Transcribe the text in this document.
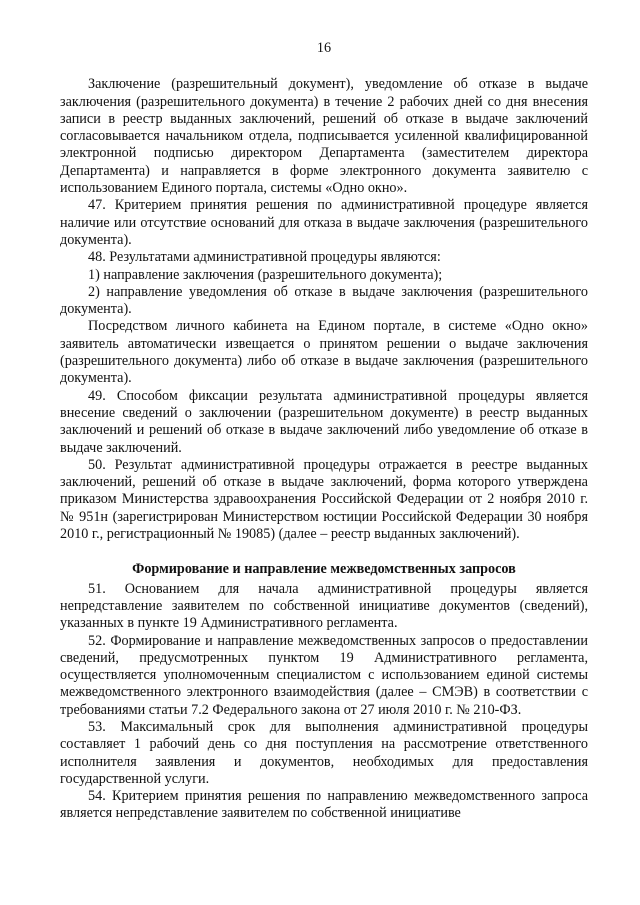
16

Заключение (разрешительный документ), уведомление об отказе в выдаче заключения (разрешительного документа) в течение 2 рабочих дней со дня внесения записи в реестр выданных заключений, решений об отказе в выдаче заключений согласовывается начальником отдела, подписывается усиленной квалифицированной электронной подписью директором Департамента (заместителем директора Департамента) и направляется в форме электронного документа заявителю с использованием Единого портала, системы «Одно окно».

47. Критерием принятия решения по административной процедуре является наличие или отсутствие оснований для отказа в выдаче заключения (разрешительного документа).

48. Результатами административной процедуры являются:

1) направление заключения (разрешительного документа);

2) направление уведомления об отказе в выдаче заключения (разрешительного документа).

Посредством личного кабинета на Едином портале, в системе «Одно окно» заявитель автоматически извещается о принятом решении о выдаче заключения (разрешительного документа) либо об отказе в выдаче заключения (разрешительного документа).

49. Способом фиксации результата административной процедуры является внесение сведений о заключении (разрешительном документе) в реестр выданных заключений и решений об отказе в выдаче заключений либо уведомление об отказе в выдаче заключений.

50. Результат административной процедуры отражается в реестре выданных заключений, решений об отказе в выдаче заключений, форма которого утверждена приказом Министерства здравоохранения Российской Федерации от 2 ноября 2010 г. № 951н (зарегистрирован Министерством юстиции Российской Федерации 30 ноября 2010 г., регистрационный № 19085) (далее – реестр выданных заключений).

Формирование и направление межведомственных запросов

51. Основанием для начала административной процедуры является непредставление заявителем по собственной инициативе документов (сведений), указанных в пункте 19 Административного регламента.

52. Формирование и направление межведомственных запросов о предоставлении сведений, предусмотренных пунктом 19 Административного регламента, осуществляется уполномоченным специалистом с использованием единой системы межведомственного электронного взаимодействия (далее – СМЭВ) в соответствии с требованиями статьи 7.2 Федерального закона от 27 июля 2010 г. № 210-ФЗ.

53. Максимальный срок для выполнения административной процедуры составляет 1 рабочий день со дня поступления на рассмотрение ответственного исполнителя заявления и документов, необходимых для предоставления государственной услуги.

54. Критерием принятия решения по направлению межведомственного запроса является непредставление заявителем по собственной инициативе
